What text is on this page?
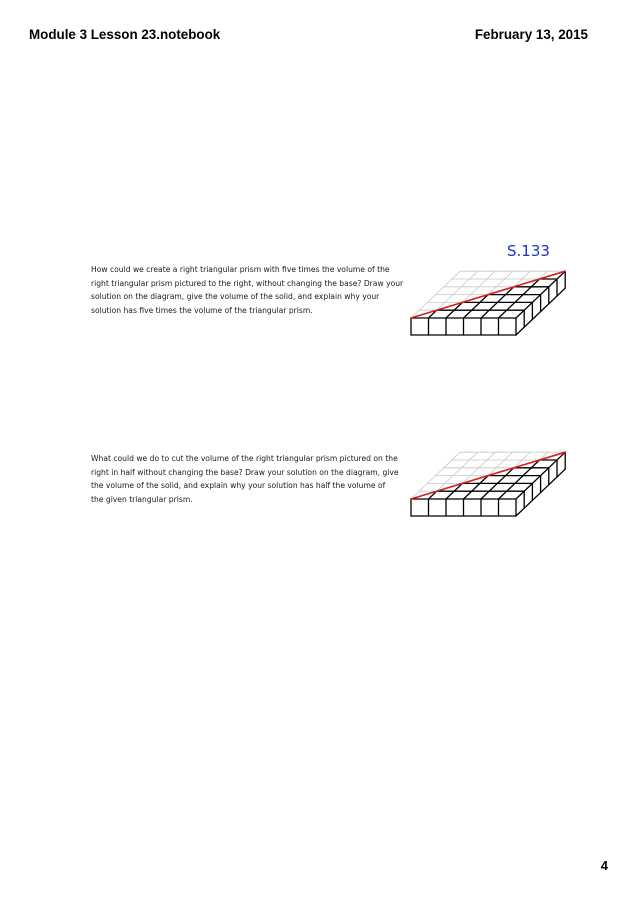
Module 3 Lesson 23.notebook	February 13, 2015
S.133
How could we create a right triangular prism with five times the volume of the right triangular prism pictured to the right, without changing the base? Draw your solution on the diagram, give the volume of the solid, and explain why your solution has five times the volume of the triangular prism.
What could we do to cut the volume of the right triangular prism pictured on the right in half without changing the base? Draw your solution on the diagram, give the volume of the solid, and explain why your solution has half the volume of the given triangular prism.
4
